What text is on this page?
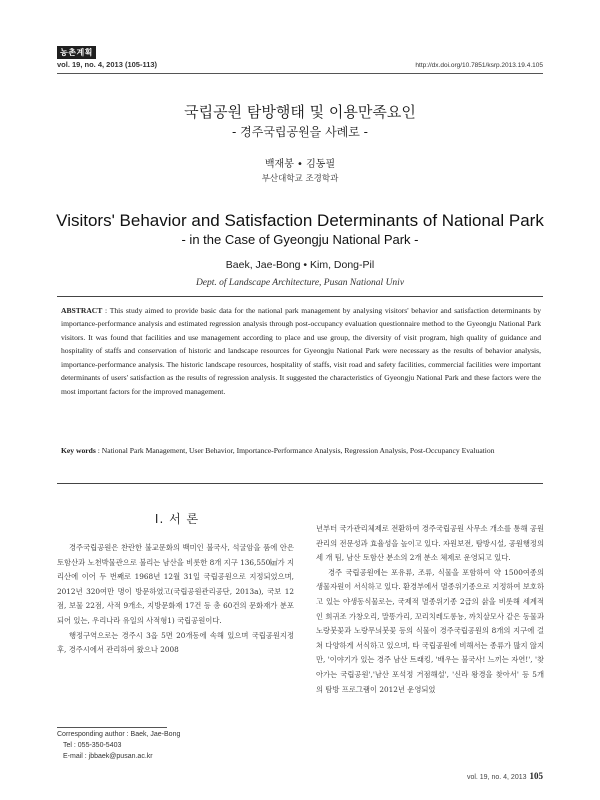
농촌계획
vol. 19, no. 4, 2013 (105-113)	http://dx.doi.org/10.7851/ksrp.2013.19.4.105
국립공원 탐방행태 및 이용만족요인
- 경주국립공원을 사례로 -
백재봉 • 김동필
부산대학교 조경학과
Visitors' Behavior and Satisfaction Determinants of National Park
- in the Case of Gyeongju National Park -
Baek, Jae-Bong • Kim, Dong-Pil
Dept. of Landscape Architecture, Pusan National Univ
ABSTRACT : This study aimed to provide basic data for the national park management by analysing visitors' behavior and satisfaction determinants by importance-performance analysis and estimated regression analysis through post-occupancy evaluation questionnaire method to the Gyeongju National Park visitors. It was found that facilities and use management according to place and use group, the diversity of visit program, high quality of guidance and hospitality of staffs and conservation of historic and landscape resources for Gyeongju National Park were necessary as the results of behavior analysis, importance-performance analysis. The historic landscape resources, hospitality of staffs, visit road and safety facilities, commercial facilities were important determinants of users' satisfaction as the results of regression analysis. It suggested the characteristics of Gyeongju National Park and these factors were the most important factors for the improved management.
Key words : National Park Management, User Behavior, Importance-Performance Analysis, Regression Analysis, Post-Occupancy Evaluation
Ⅰ. 서 론

경주국립공원은 찬란한 불교문화의 백미인 불국사, 석굴암을 품에 안은 토함산과 노천박물관으로 불리는 남산을 비롯한 8개 지구 136,550㎢가 지리산에 이어 두 번째로 1968년 12월 31일 국립공원으로 지정되었으며, 2012년 320여만 명이 방문하였고(국립공원관리공단, 2013a), 국보 12점, 보물 22점, 사적 9개소, 지방문화재 17건 등 총 60건의 문화재가 분포되어 있는, 우리나라 유일의 사적형1) 국립공원이다.

행정구역으로는 경주시 3읍 5면 20개동에 속해 있으며 국립공원지정 후, 경주시에서 관리하여 왔으나 2008

년부터 국가관리체제로 전환하여 경주국립공원 사무소 개소를 통해 공원관리의 전문성과 효율성을 높이고 있다. 자원보전, 탐방시설, 공원행정의 세 개 팀, 남산 토함산 분소의 2개 분소 체제로 운영되고 있다.

경주 국립공원에는 포유류, 조류, 식물을 포함하여 약 1500여종의 생물자원이 서식하고 있다. 환경부에서 멸종위기종으로 지정하여 보호하고 있는 야생동식물로는, 국제적 멸종위기종 2급의 삵을 비롯해 세계적인 희귀조 가창오리, 말똥가리, 꼬리치레도롱뇽, 까치살모사 같은 동물과 노랑붓꽃과 노랑무늬붓꽃 등의 식물이 경주국립공원의 8개의 지구에 걸쳐 다양하게 서식하고 있으며, 타 국립공원에 비해서는 종류가 많지 않지만, '이야기가 있는 경주 남산 트래킹, '배우는 불국사! 느끼는 자연!', '찾아가는 국립공원','남산 포석정 거점해설', '신라 왕경을 찾아서' 등 5개의 탐방 프로그램이 2012년 운영되었

Corresponding author : Baek, Jae-Bong
Tel : 055-350-5403
E-mail : jbbaek@pusan.ac.kr
vol. 19, no. 4, 2013 105
